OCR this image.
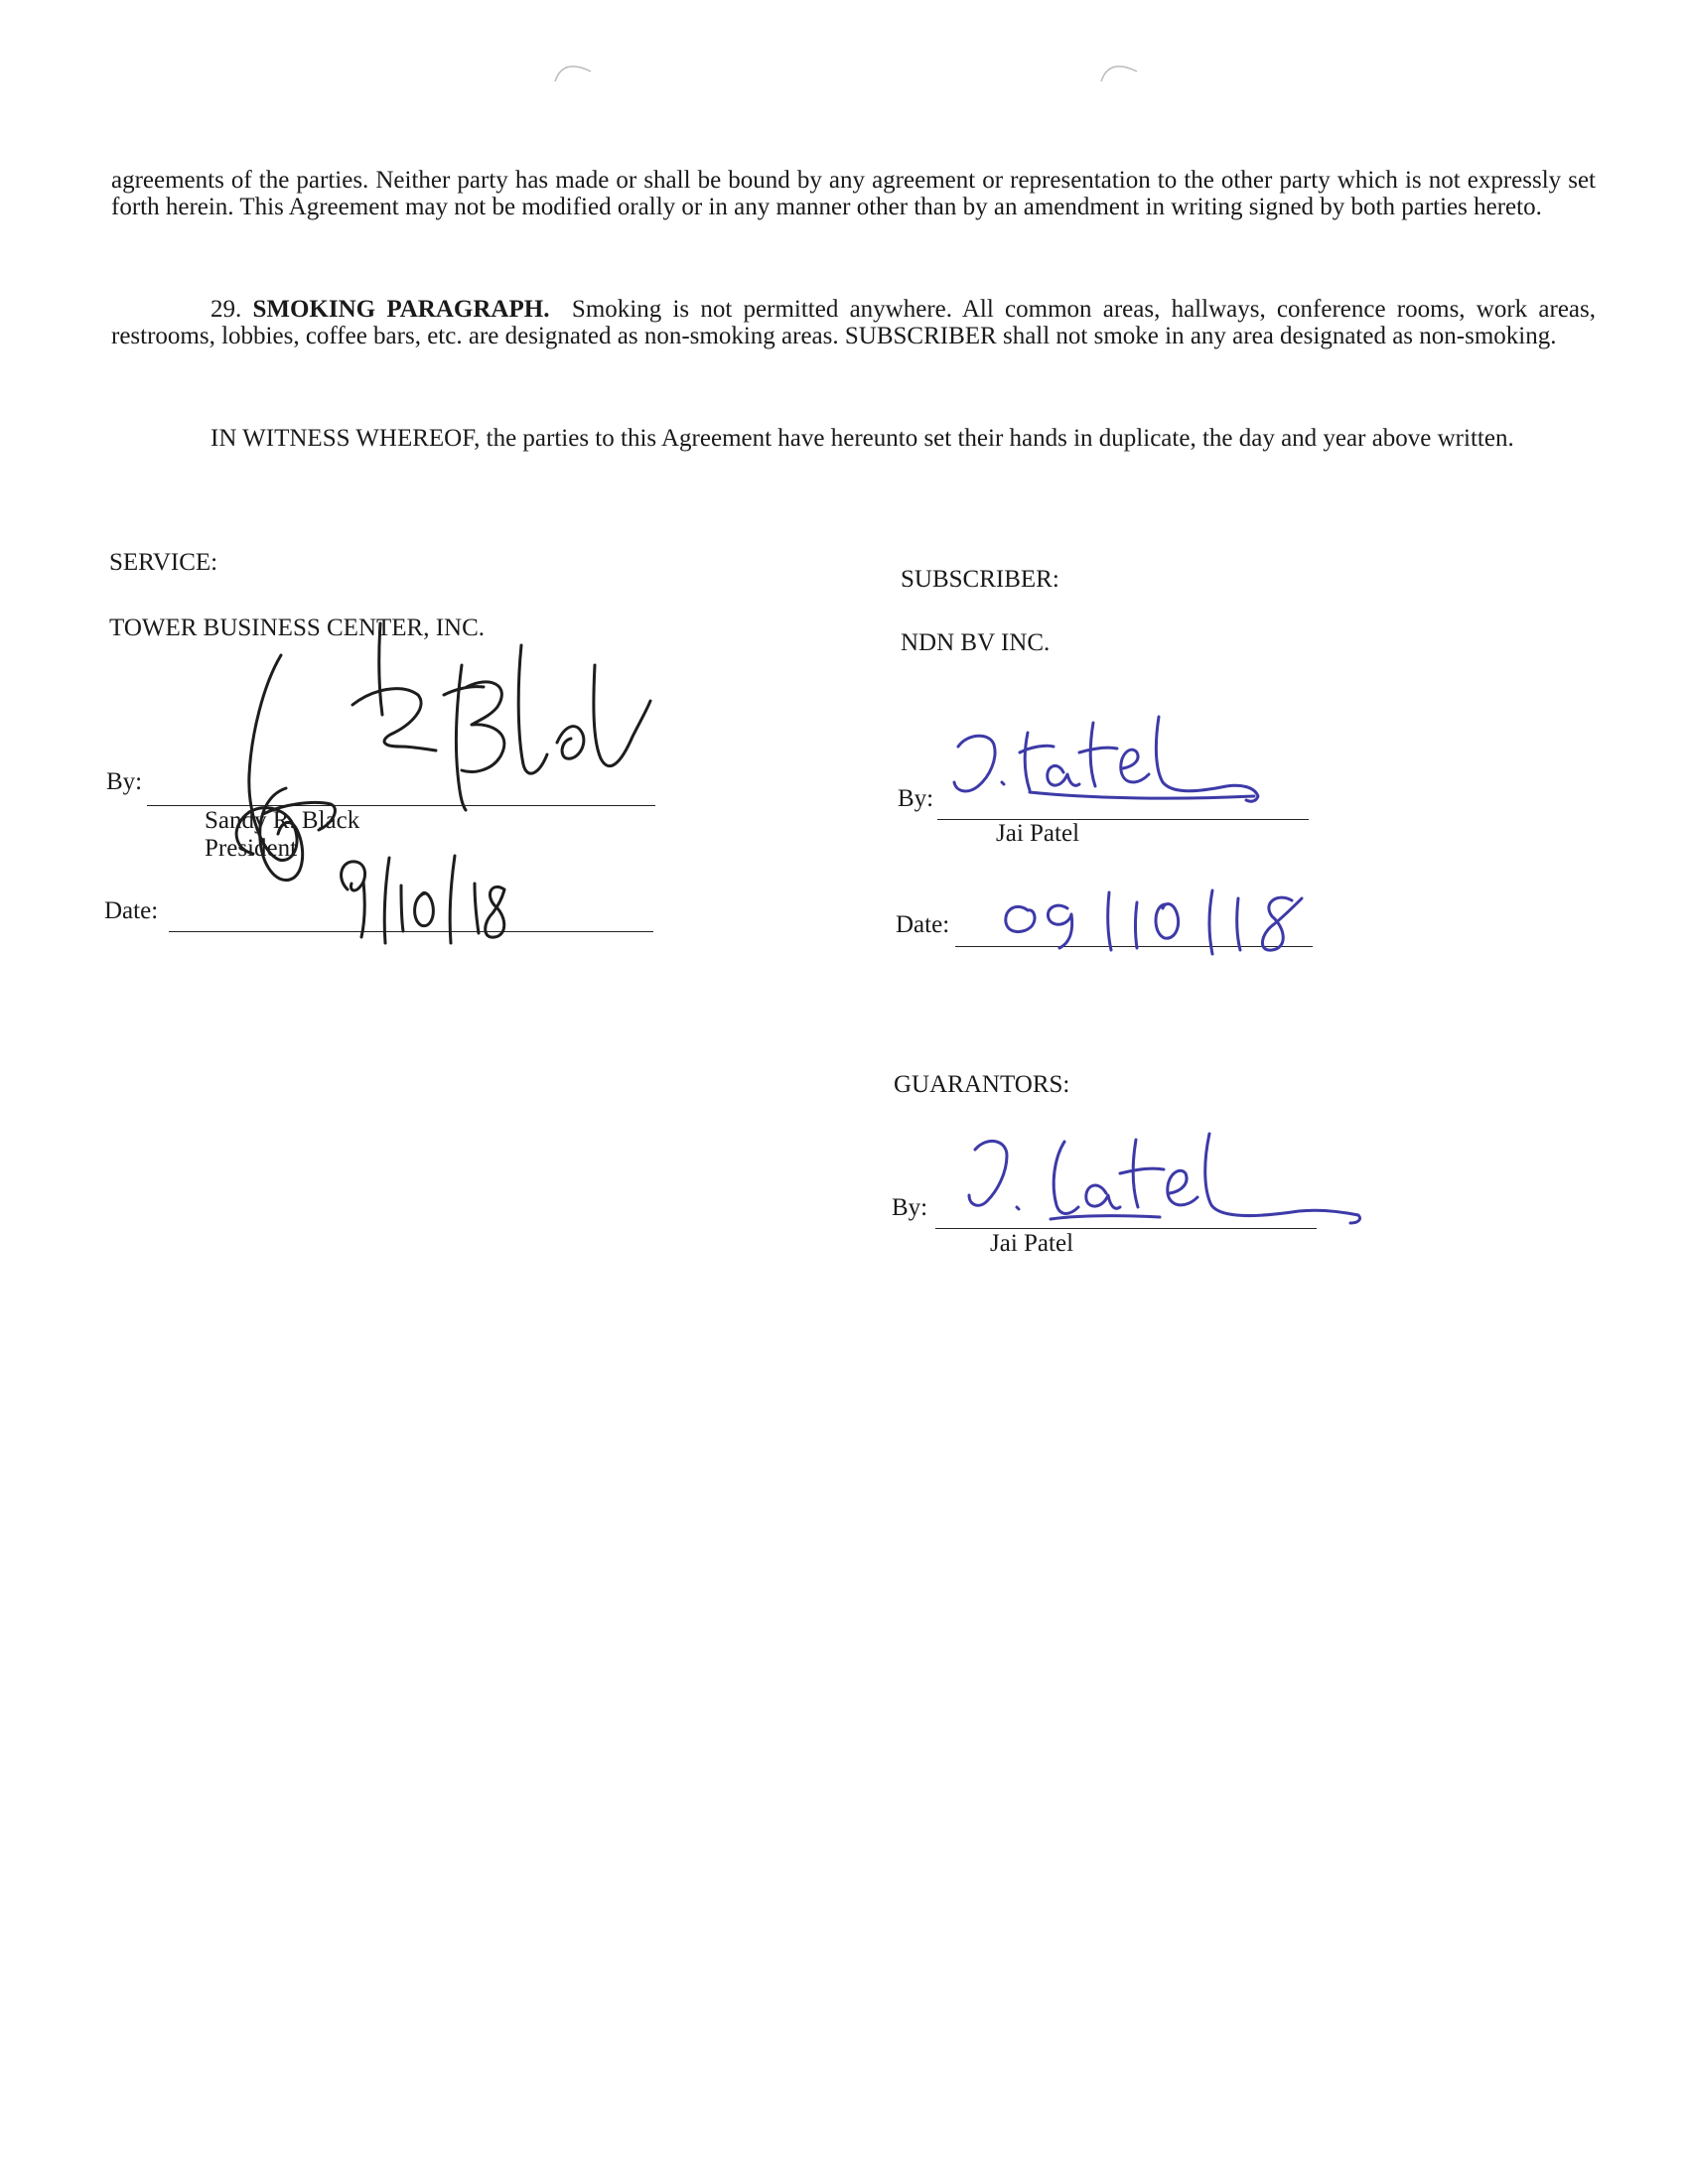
agreements of the parties. Neither party has made or shall be bound by any agreement or representation to the other party which is not expressly set forth herein. This Agreement may not be modified orally or in any manner other than by an amendment in writing signed by both parties hereto.

29. SMOKING PARAGRAPH. Smoking is not permitted anywhere. All common areas, hallways, conference rooms, work areas, restrooms, lobbies, coffee bars, etc. are designated as non-smoking areas. SUBSCRIBER shall not smoke in any area designated as non-smoking.

IN WITNESS WHEREOF, the parties to this Agreement have hereunto set their hands in duplicate, the day and year above written.

SERVICE:
TOWER BUSINESS CENTER, INC.
By:
Sandy R. Black
President
Date:
SUBSCRIBER:
NDN BV INC.
By:
Jai Patel
Date:
GUARANTORS:
By:
Jai Patel
